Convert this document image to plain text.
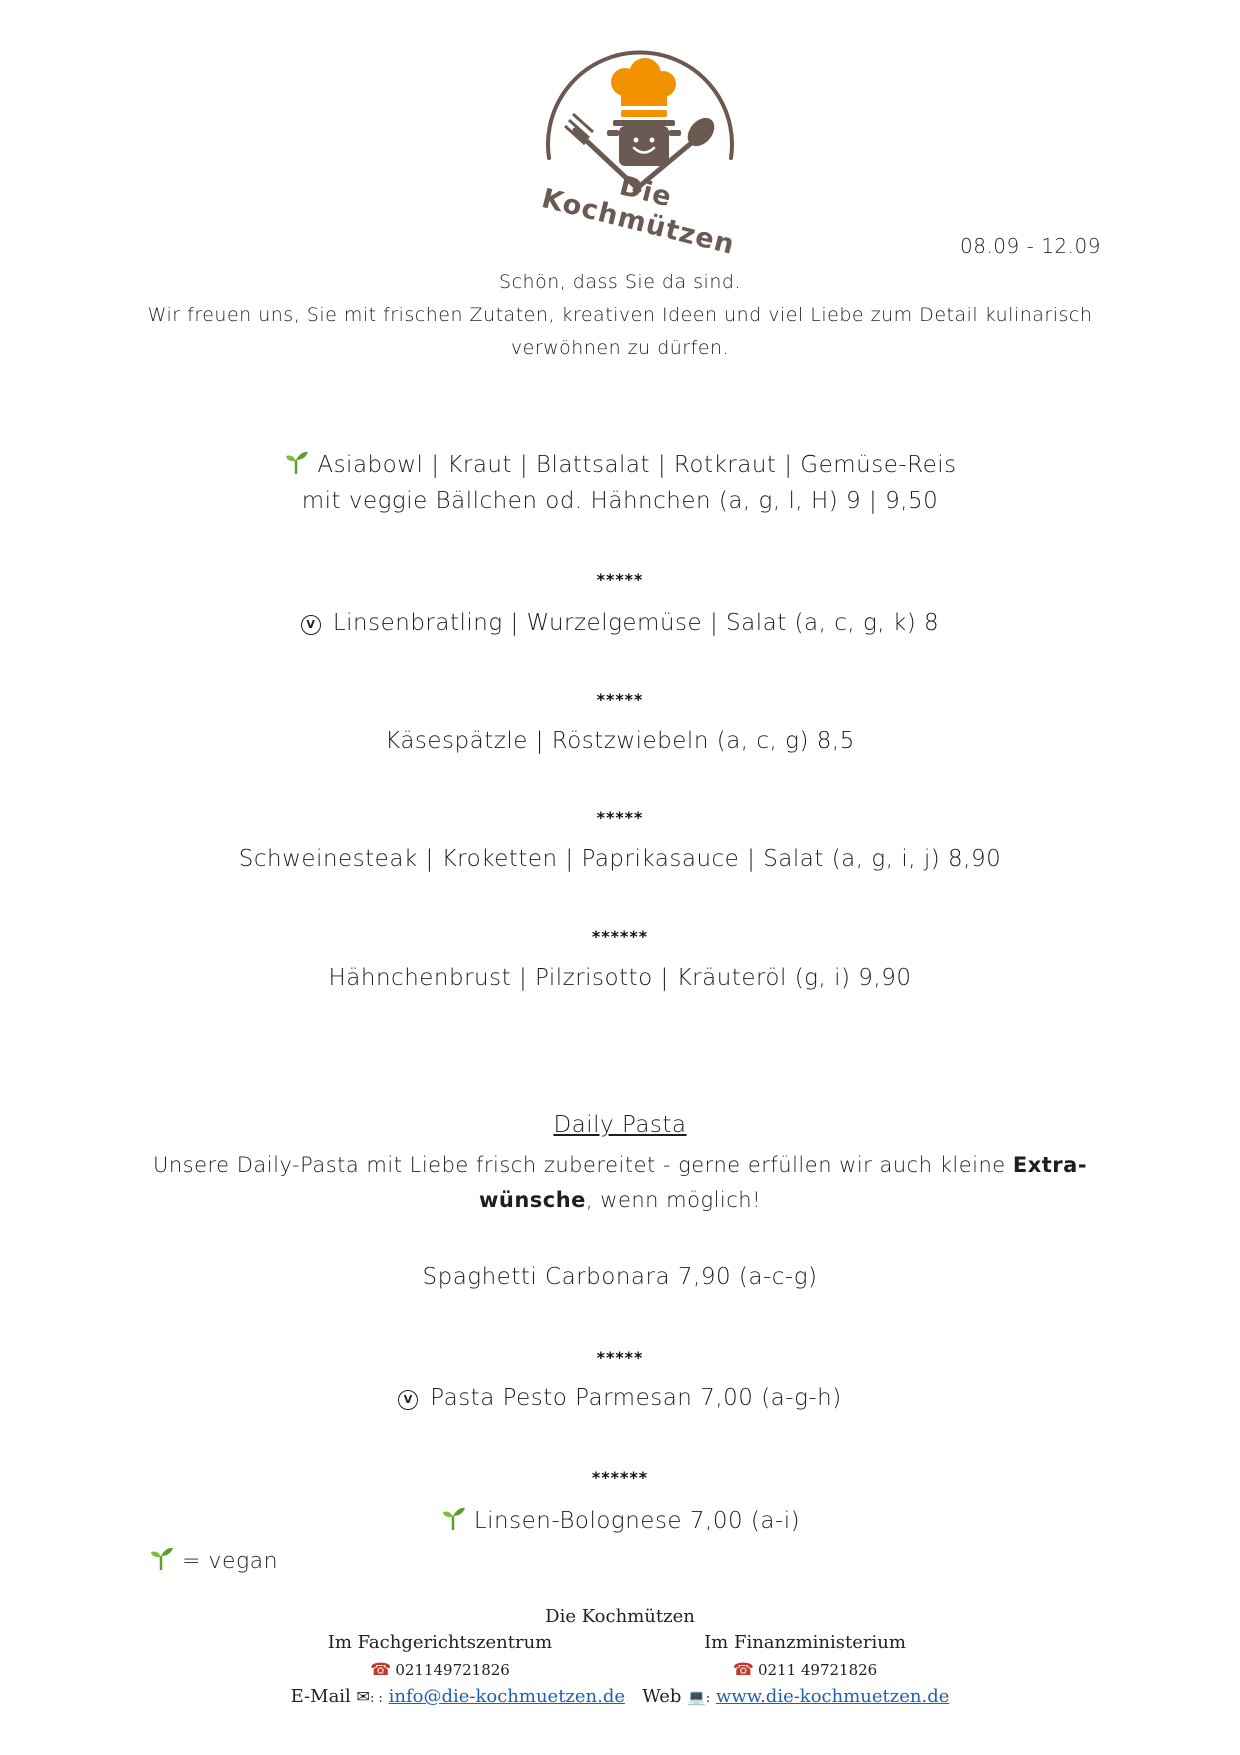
Die Kochmützen	08.09 - 12.09
Schön, dass Sie da sind.
Wir freuen uns, Sie mit frischen Zutaten, kreativen Ideen und viel Liebe zum Detail kulinarisch
verwöhnen zu dürfen.
Asiabowl | Kraut | Blattsalat | Rotkraut | Gemüse-Reis
mit veggie Bällchen od. Hähnchen (a, g, l, H) 9 | 9,50
*****
V Linsenbratling | Wurzelgemüse | Salat (a, c, g, k) 8
*****
Käsespätzle | Röstzwiebeln (a, c, g) 8,5
*****
Schweinesteak | Kroketten | Paprikasauce | Salat (a, g, i, j) 8,90
******
Hähnchenbrust | Pilzrisotto | Kräuteröl (g, i) 9,90
Daily Pasta
Unsere Daily-Pasta mit Liebe frisch zubereitet - gerne erfüllen wir auch kleine Extra-
wünsche, wenn möglich!
Spaghetti Carbonara 7,90 (a-c-g)
*****
V Pasta Pesto Parmesan 7,00 (a-g-h)
******
Linsen-Bolognese 7,00 (a-i)
= vegan
Die Kochmützen
Im Fachgerichtszentrum	Im Finanzministerium
☎ 021149721826	☎ 0211 49721826
E-Mail ✉: : info@die-kochmuetzen.de Web 💻: www.die-kochmuetzen.de
